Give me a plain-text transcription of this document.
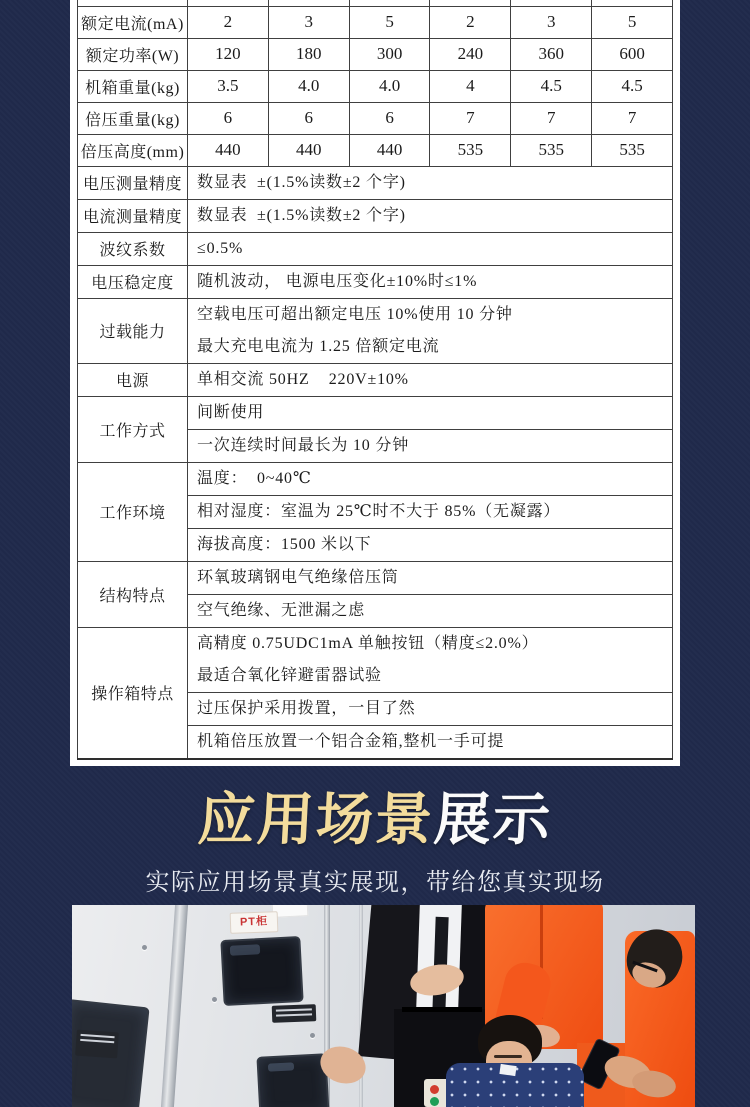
额定电流(mA)	2	3	5	2	3	5
额定功率(W)	120	180	300	240	360	600
机箱重量(kg)	3.5	4.0	4.0	4	4.5	4.5
倍压重量(kg)	6	6	6	7	7	7
倍压高度(mm)	440	440	440	535	535	535
电压测量精度	数显表  ±(1.5%读数±2 个字)					

电流测量精度	数显表  ±(1.5%读数±2 个字)					

波纹系数	≤0.5%					

电压稳定度	随机波动， 电源电压变化±10%时≤1%					

过载能力	空载电压可超出额定电压 10%使用 10 分钟
最大充电电流为 1.25 倍额定电流					

电源	单相交流 50HZ    220V±10%					

工作方式	间断使用
一次连续时间最长为 10 分钟					

工作环境	温度：  0~40℃
相对湿度：室温为 25℃时不大于 85%（无凝露）
海拔高度：1500 米以下					

结构特点	环氧玻璃钢电气绝缘倍压筒
空气绝缘、无泄漏之虑					

操作箱特点	高精度 0.75UDC1mA 单触按钮（精度≤2.0%）
最适合氧化锌避雷器试验
过压保护采用拨置，一目了然
机箱倍压放置一个铝合金箱,整机一手可提					
应用场景展示
实际应用场景真实展现，带给您真实现场
PT柜
